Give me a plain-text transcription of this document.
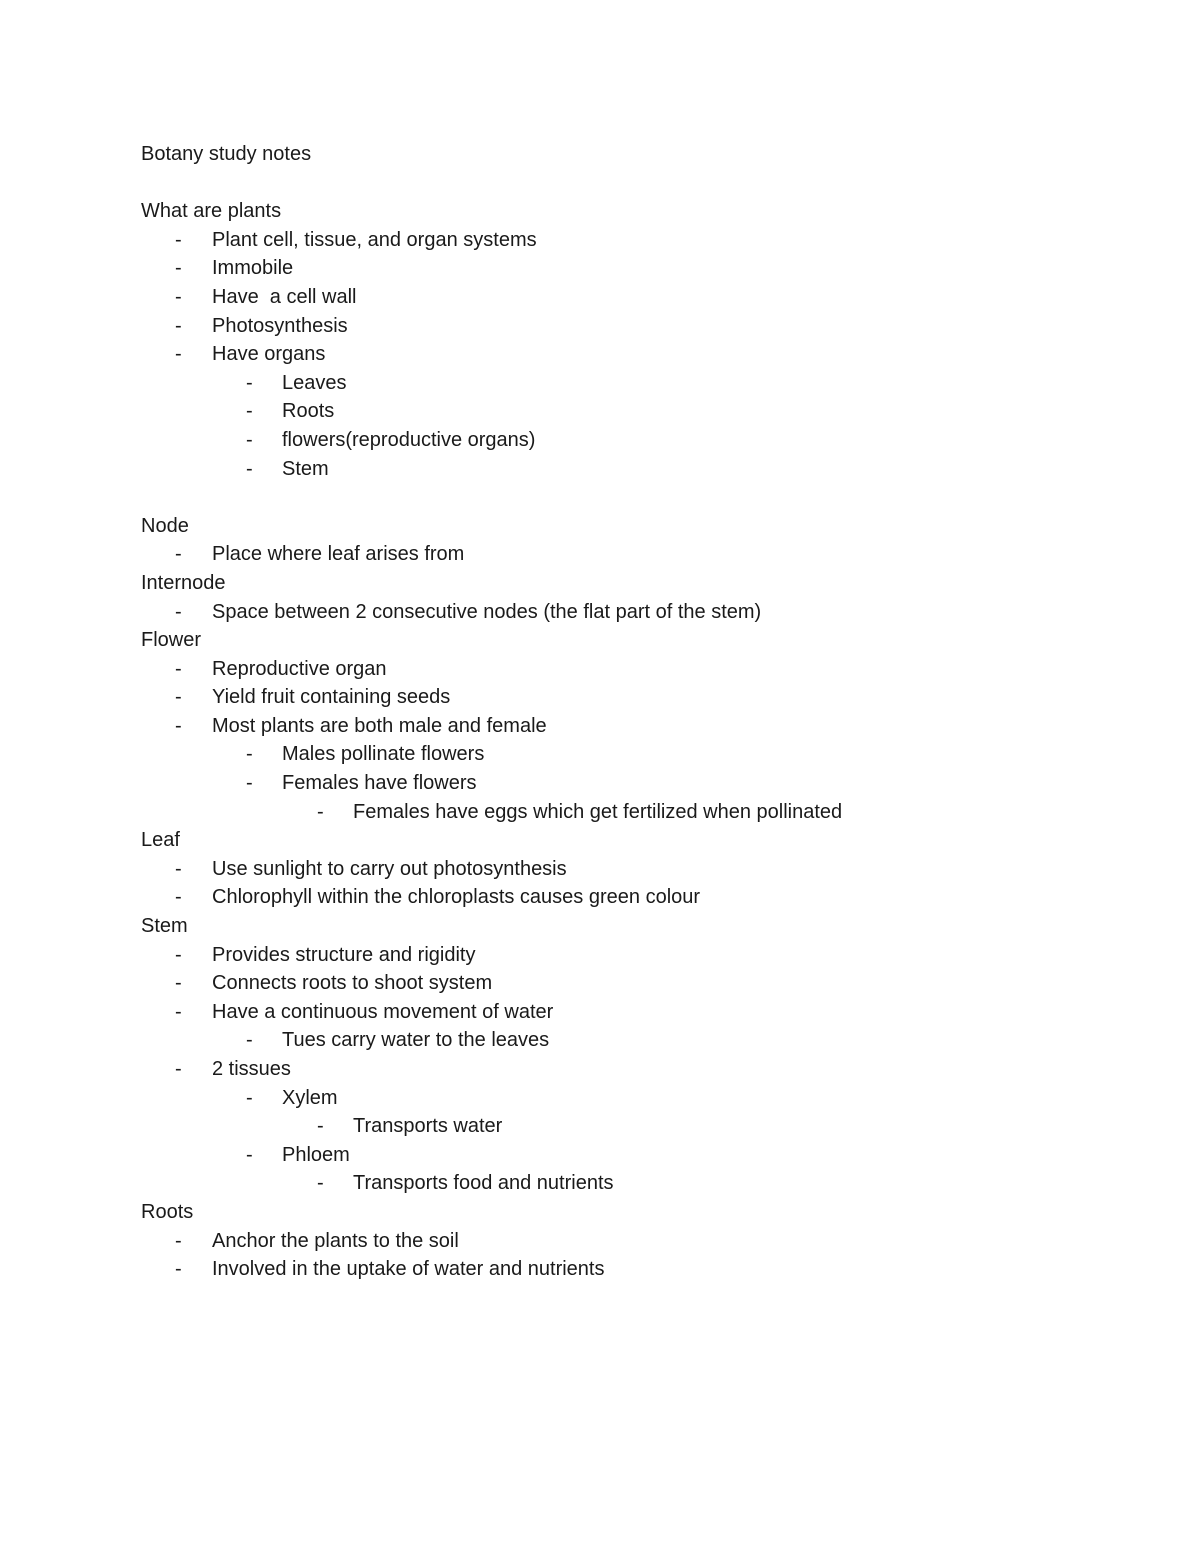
Botany study notes
What are plants
- Plant cell, tissue, and organ systems
- Immobile
- Have  a cell wall
- Photosynthesis
- Have organs
- Leaves
- Roots
- flowers(reproductive organs)
- Stem
Node
- Place where leaf arises from
Internode
- Space between 2 consecutive nodes (the flat part of the stem)
Flower
- Reproductive organ
- Yield fruit containing seeds
- Most plants are both male and female
- Males pollinate flowers
- Females have flowers
- Females have eggs which get fertilized when pollinated
Leaf
- Use sunlight to carry out photosynthesis
- Chlorophyll within the chloroplasts causes green colour
Stem
- Provides structure and rigidity
- Connects roots to shoot system
- Have a continuous movement of water
- Tues carry water to the leaves
- 2 tissues
- Xylem
- Transports water
- Phloem
- Transports food and nutrients
Roots
- Anchor the plants to the soil
- Involved in the uptake of water and nutrients
